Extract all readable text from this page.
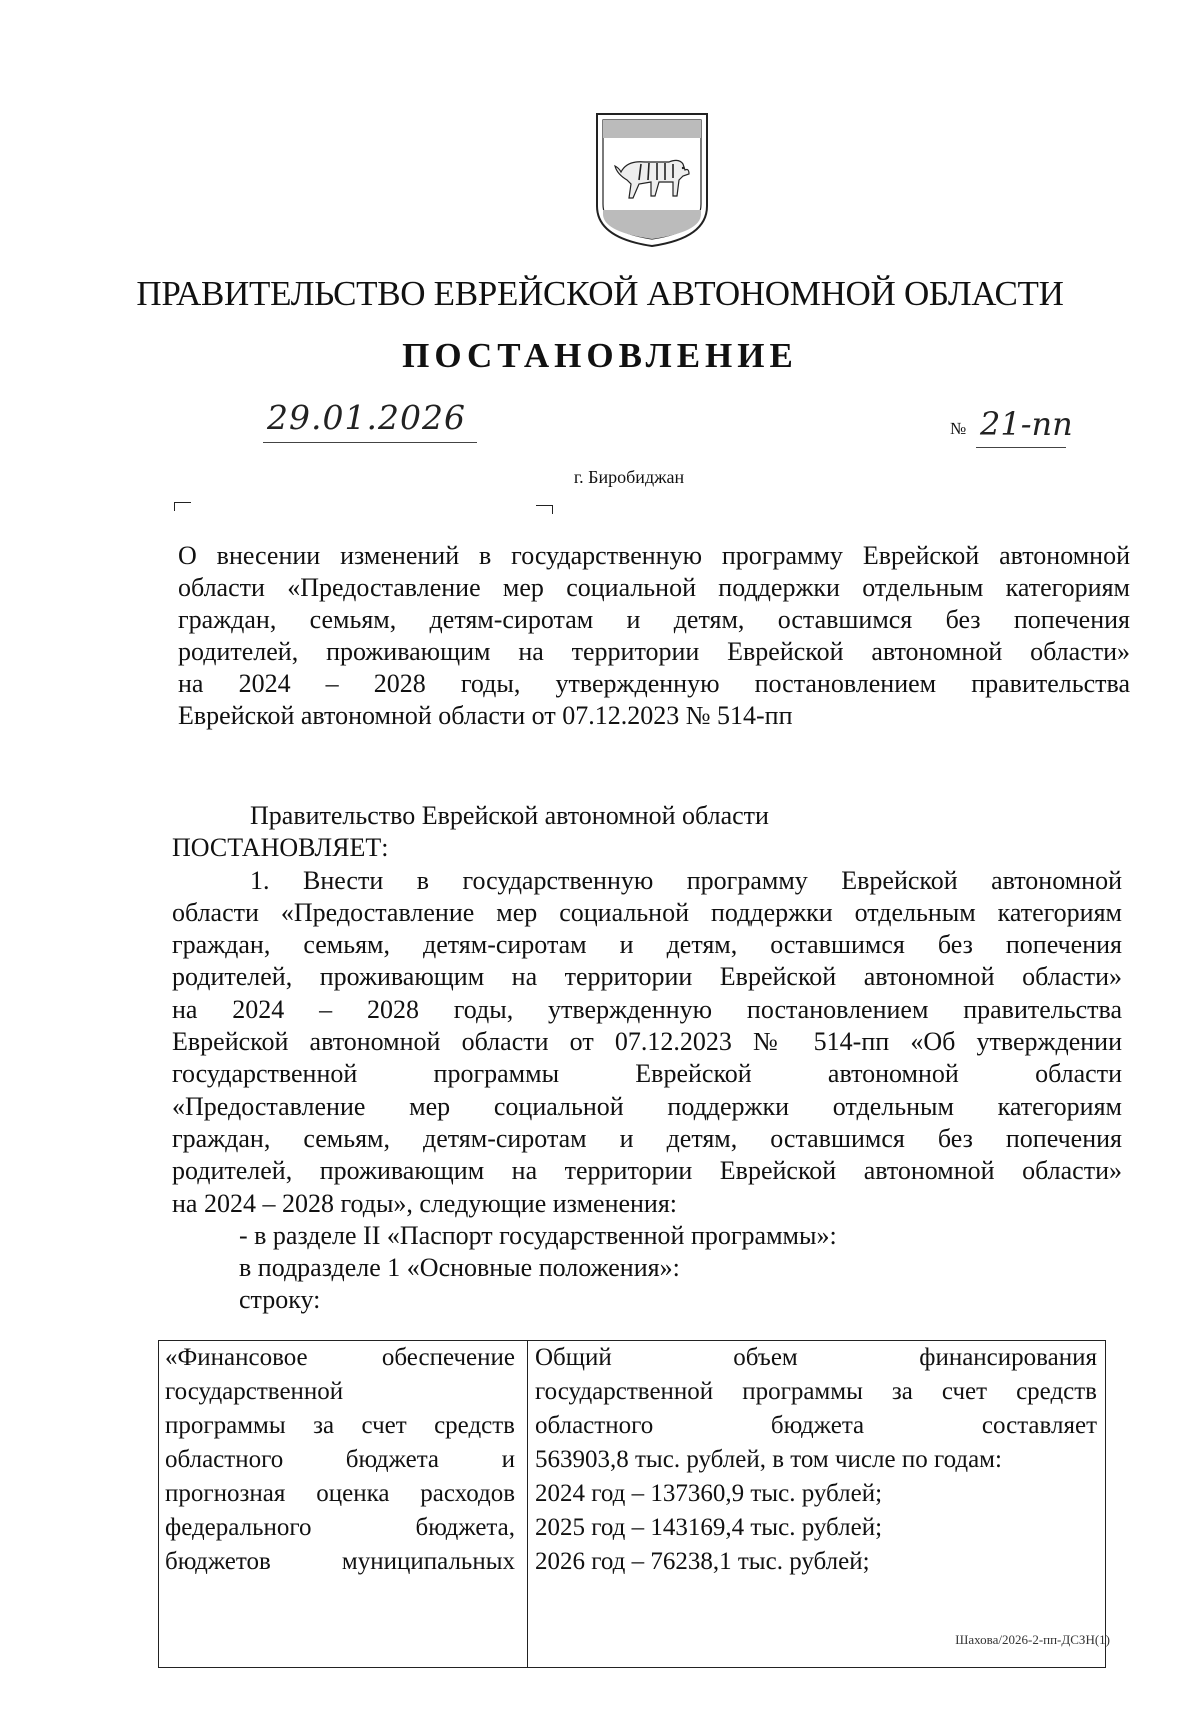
ПРАВИТЕЛЬСТВО ЕВРЕЙСКОЙ АВТОНОМНОЙ ОБЛАСТИ
ПОСТАНОВЛЕНИЕ
29.01.2026	№ 21-пп
г. Биробиджан
О внесении изменений в государственную программу Еврейской автономной
области «Предоставление мер социальной поддержки отдельным категориям
граждан, семьям, детям-сиротам и детям, оставшимся без попечения
родителей, проживающим на территории Еврейской автономной области»
на 2024 – 2028 годы, утвержденную постановлением правительства
Еврейской автономной области от 07.12.2023 № 514-пп
Правительство Еврейской автономной области
ПОСТАНОВЛЯЕТ:
1. Внести в государственную программу Еврейской автономной
области «Предоставление мер социальной поддержки отдельным категориям
граждан, семьям, детям-сиротам и детям, оставшимся без попечения
родителей, проживающим на территории Еврейской автономной области»
на 2024 – 2028 годы, утвержденную постановлением правительства
Еврейской автономной области от 07.12.2023 № 514-пп «Об утверждении
государственной программы Еврейской автономной области
«Предоставление мер социальной поддержки отдельным категориям
граждан, семьям, детям-сиротам и детям, оставшимся без попечения
родителей, проживающим на территории Еврейской автономной области»
на 2024 – 2028 годы», следующие изменения:
- в разделе II «Паспорт государственной программы»:
в подразделе 1 «Основные положения»:
строку:
«Финансовое обеспечение
государственной
программы за счет средств
областного бюджета и
прогнозная оценка расходов
федерального бюджета,
бюджетов муниципальных
Общий объем финансирования
государственной программы за счет средств
областного бюджета составляет
563903,8 тыс. рублей, в том числе по годам:
2024 год – 137360,9 тыс. рублей;
2025 год – 143169,4 тыс. рублей;
2026 год – 76238,1 тыс. рублей;
Шахова/2026-2-пп-ДСЗН(1)
